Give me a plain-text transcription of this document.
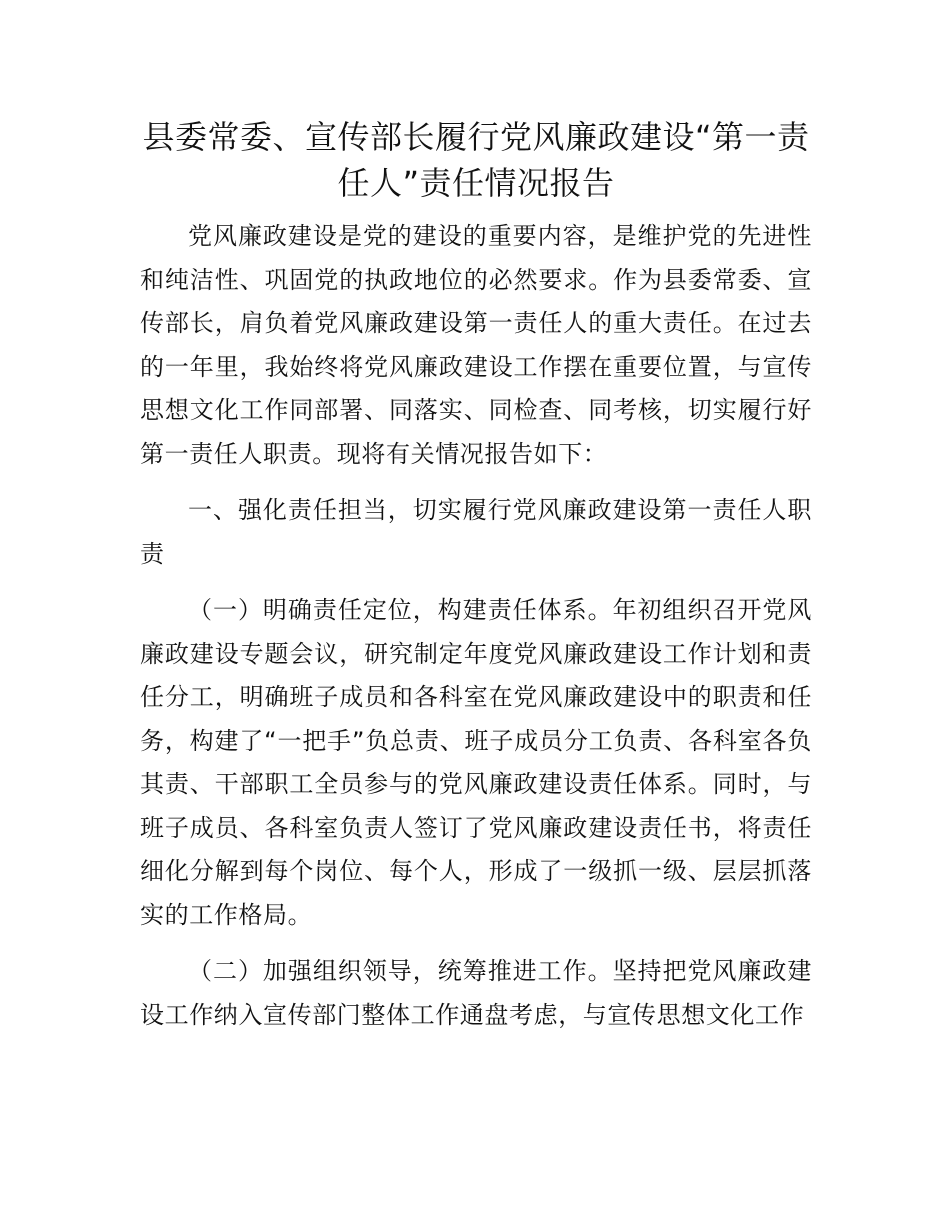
县委常委、宣传部长履行党风廉政建设“第一责任人”责任情况报告

党风廉政建设是党的建设的重要内容，是维护党的先进性和纯洁性、巩固党的执政地位的必然要求。作为县委常委、宣传部长，肩负着党风廉政建设第一责任人的重大责任。在过去的一年里，我始终将党风廉政建设工作摆在重要位置，与宣传思想文化工作同部署、同落实、同检查、同考核，切实履行好第一责任人职责。现将有关情况报告如下：

一、强化责任担当，切实履行党风廉政建设第一责任人职责

（一）明确责任定位，构建责任体系。年初组织召开党风廉政建设专题会议，研究制定年度党风廉政建设工作计划和责任分工，明确班子成员和各科室在党风廉政建设中的职责和任务，构建了“一把手”负总责、班子成员分工负责、各科室各负其责、干部职工全员参与的党风廉政建设责任体系。同时，与班子成员、各科室负责人签订了党风廉政建设责任书，将责任细化分解到每个岗位、每个人，形成了一级抓一级、层层抓落实的工作格局。

（二）加强组织领导，统筹推进工作。坚持把党风廉政建设工作纳入宣传部门整体工作通盘考虑，与宣传思想文化工作
